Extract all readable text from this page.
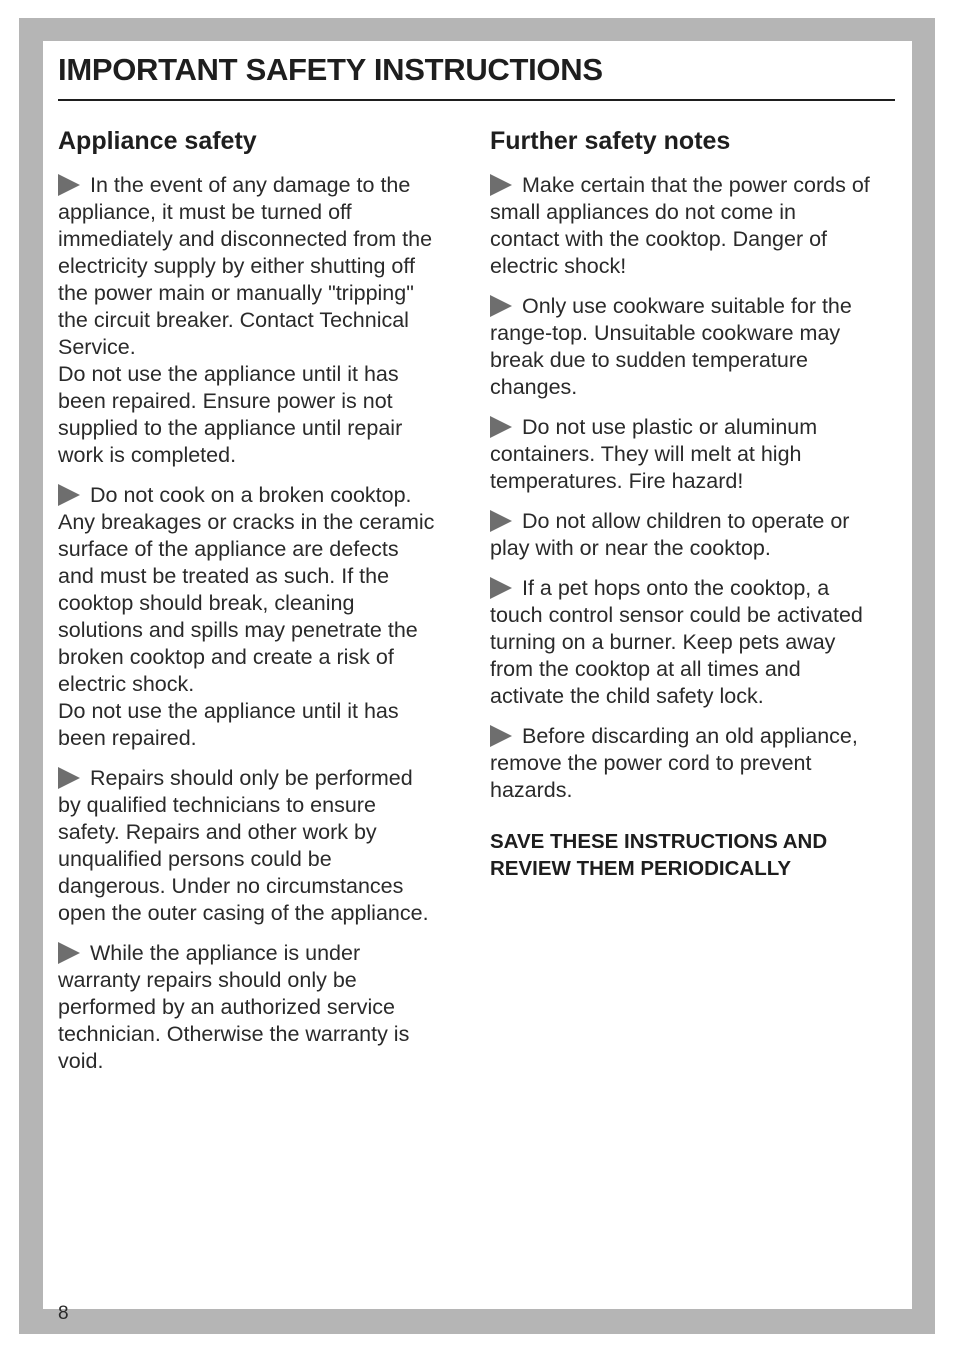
IMPORTANT SAFETY INSTRUCTIONS
Appliance safety

In the event of any damage to the
appliance, it must be turned off
immediately and disconnected from the
electricity supply by either shutting off
the power main or manually "tripping"
the circuit breaker. Contact Technical
Service.
Do not use the appliance until it has
been repaired. Ensure power is not
supplied to the appliance until repair
work is completed.

Do not cook on a broken cooktop.
Any breakages or cracks in the ceramic
surface of the appliance are defects
and must be treated as such. If the
cooktop should break, cleaning
solutions and spills may penetrate the
broken cooktop and create a risk of
electric shock.
Do not use the appliance until it has
been repaired.

Repairs should only be performed
by qualified technicians to ensure
safety. Repairs and other work by
unqualified persons could be
dangerous. Under no circumstances
open the outer casing of the appliance.

While the appliance is under
warranty repairs should only be
performed by an authorized service
technician. Otherwise the warranty is
void.

Further safety notes

Make certain that the power cords of
small appliances do not come in
contact with the cooktop. Danger of
electric shock!

Only use cookware suitable for the
range-top. Unsuitable cookware may
break due to sudden temperature
changes.

Do not use plastic or aluminum
containers. They will melt at high
temperatures. Fire hazard!

Do not allow children to operate or
play with or near the cooktop.

If a pet hops onto the cooktop, a
touch control sensor could be activated
turning on a burner. Keep pets away
from the cooktop at all times and
activate the child safety lock.

Before discarding an old appliance,
remove the power cord to prevent
hazards.

SAVE THESE INSTRUCTIONS AND
REVIEW THEM PERIODICALLY

8
